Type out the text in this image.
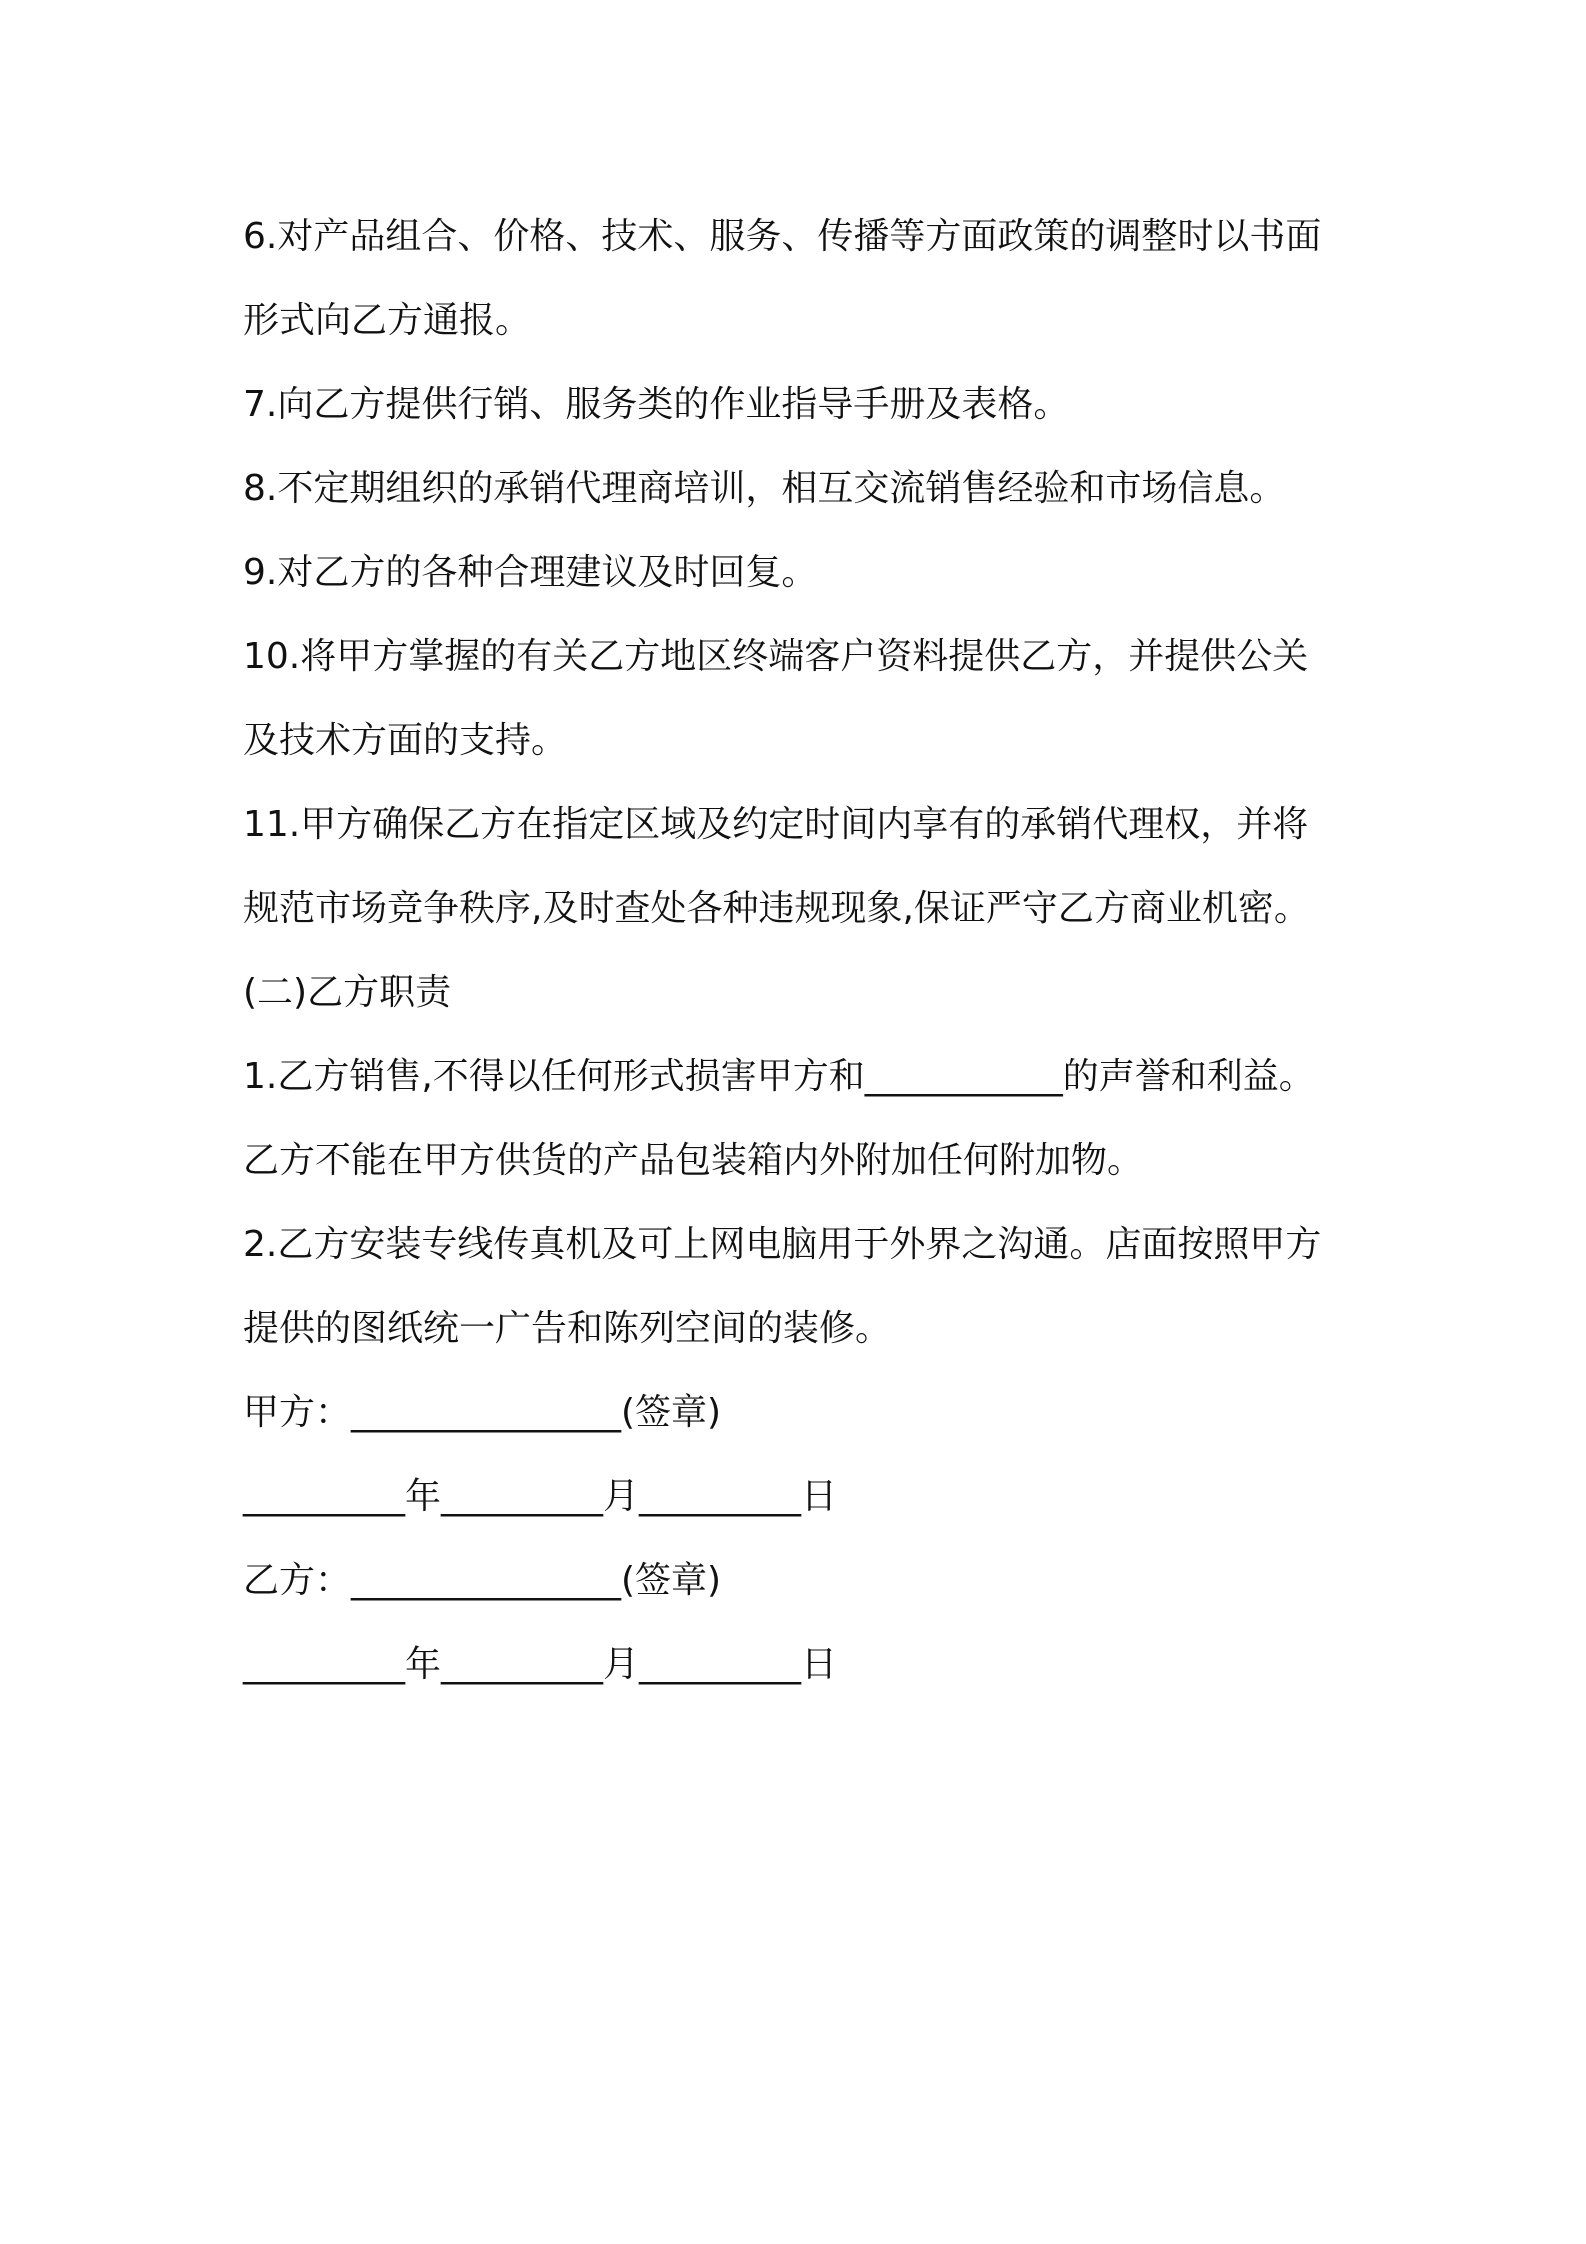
6.对产品组合、价格、技术、服务、传播等方面政策的调整时以书面
形式向乙方通报。
7.向乙方提供行销、服务类的作业指导手册及表格。
8.不定期组织的承销代理商培训，相互交流销售经验和市场信息。
9.对乙方的各种合理建议及时回复。
10.将甲方掌握的有关乙方地区终端客户资料提供乙方，并提供公关
及技术方面的支持。
11.甲方确保乙方在指定区域及约定时间内享有的承销代理权，并将
规范市场竞争秩序,及时查处各种违规现象,保证严守乙方商业机密。
(二)乙方职责
1.乙方销售,不得以任何形式损害甲方和___________的声誉和利益。
乙方不能在甲方供货的产品包装箱内外附加任何附加物。
2.乙方安装专线传真机及可上网电脑用于外界之沟通。店面按照甲方
提供的图纸统一广告和陈列空间的装修。
甲方：_______________(签章)
_________年_________月_________日
乙方：_______________(签章)
_________年_________月_________日
